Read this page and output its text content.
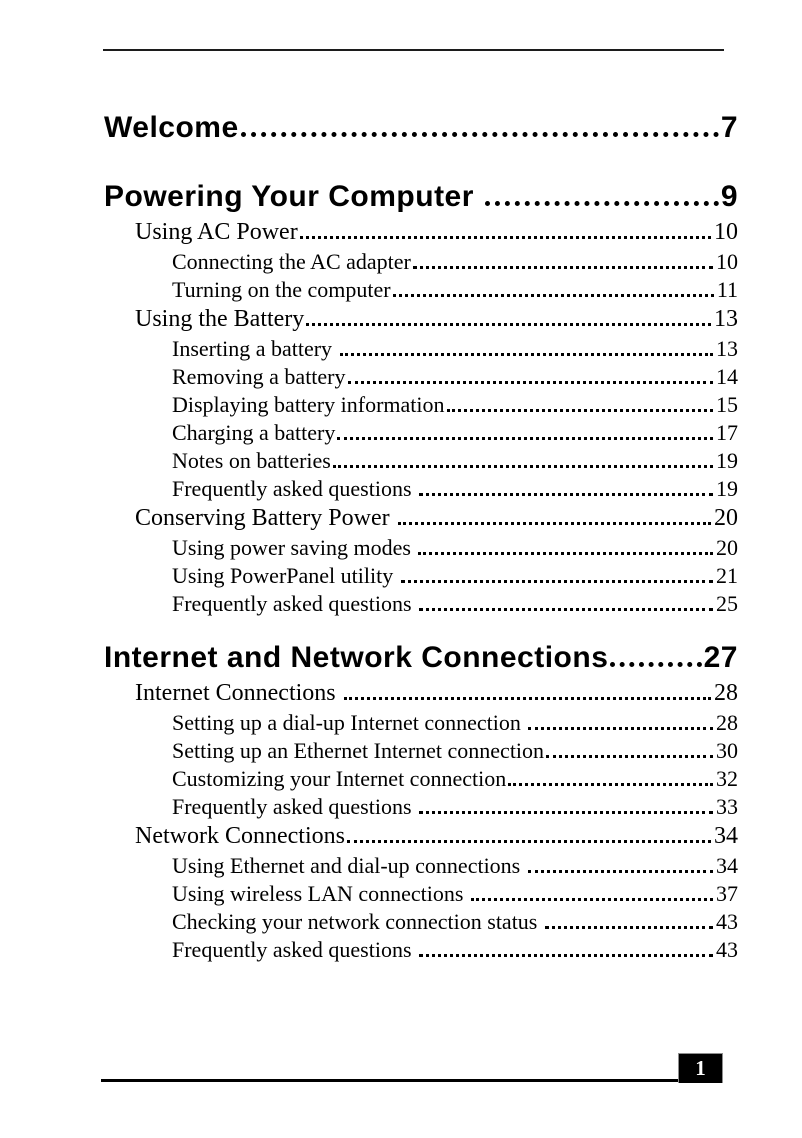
Welcome	7
Powering Your Computer	9
Using AC Power	10
Connecting the AC adapter	10
Turning on the computer	11
Using the Battery	13
Inserting a battery	13
Removing a battery	14
Displaying battery information	15
Charging a battery	17
Notes on batteries	19
Frequently asked questions	19
Conserving Battery Power	20
Using power saving modes	20
Using PowerPanel utility	21
Frequently asked questions	25
Internet and Network Connections	27
Internet Connections	28
Setting up a dial-up Internet connection	28
Setting up an Ethernet Internet connection	30
Customizing your Internet connection	32
Frequently asked questions	33
Network Connections	34
Using Ethernet and dial-up connections	34
Using wireless LAN connections	37
Checking your network connection status	43
Frequently asked questions	43
1
